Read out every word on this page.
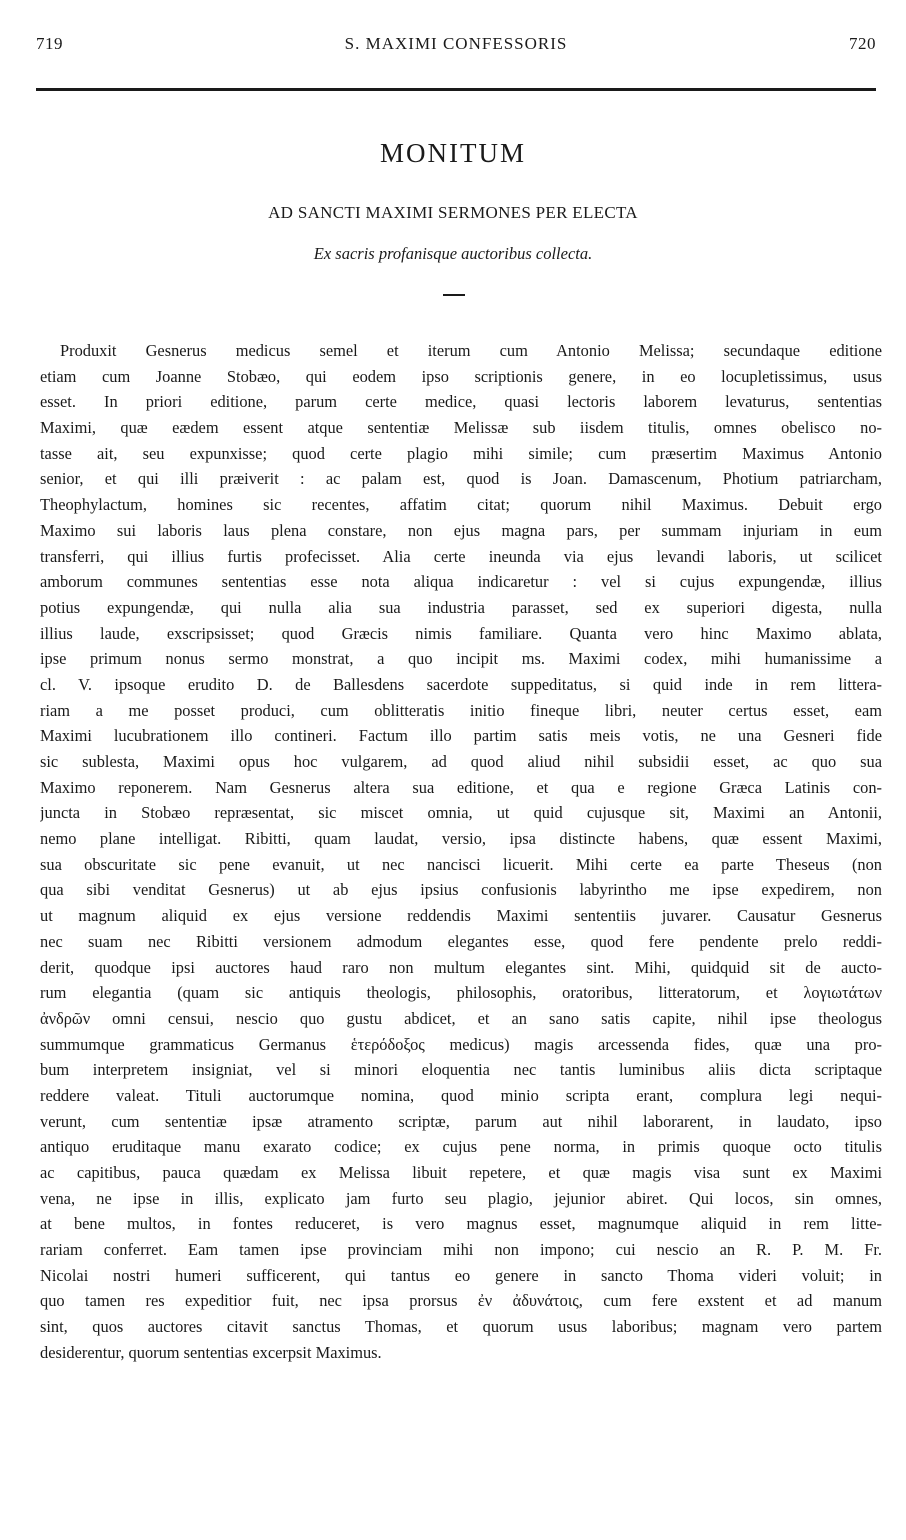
719	S. MAXIMI CONFESSORIS	720
MONITUM
AD SANCTI MAXIMI SERMONES PER ELECTA
Ex sacris profanisque auctoribus collecta.
Produxit Gesnerus medicus semel et iterum cum Antonio Melissa; secundaque editione
etiam cum Joanne Stobæo, qui eodem ipso scriptionis genere, in eo locupletissimus, usus
esset. In priori editione, parum certe medice, quasi lectoris laborem levaturus, sententias
Maximi, quæ eædem essent atque sententiæ Melissæ sub iisdem titulis, omnes obelisco no-
tasse ait, seu expunxisse; quod certe plagio mihi simile; cum præsertim Maximus Antonio
senior, et qui illi præiverit : ac palam est, quod is Joan. Damascenum, Photium patriarcham,
Theophylactum, homines sic recentes, affatim citat; quorum nihil Maximus. Debuit ergo
Maximo sui laboris laus plena constare, non ejus magna pars, per summam injuriam in eum
transferri, qui illius furtis profecisset. Alia certe ineunda via ejus levandi laboris, ut scilicet
amborum communes sententias esse nota aliqua indicaretur : vel si cujus expungendæ, illius
potius expungendæ, qui nulla alia sua industria parasset, sed ex superiori digesta, nulla
illius laude, exscripsisset; quod Græcis nimis familiare. Quanta vero hinc Maximo ablata,
ipse primum nonus sermo monstrat, a quo incipit ms. Maximi codex, mihi humanissime a
cl. V. ipsoque erudito D. de Ballesdens sacerdote suppeditatus, si quid inde in rem littera-
riam a me posset produci, cum oblitteratis initio fineque libri, neuter certus esset, eam
Maximi lucubrationem illo contineri. Factum illo partim satis meis votis, ne una Gesneri fide
sic sublesta, Maximi opus hoc vulgarem, ad quod aliud nihil subsidii esset, ac quo sua
Maximo reponerem. Nam Gesnerus altera sua editione, et qua e regione Græca Latinis con-
juncta in Stobæo repræsentat, sic miscet omnia, ut quid cujusque sit, Maximi an Antonii,
nemo plane intelligat. Ribitti, quam laudat, versio, ipsa distincte habens, quæ essent Maximi,
sua obscuritate sic pene evanuit, ut nec nancisci licuerit. Mihi certe ea parte Theseus (non
qua sibi venditat Gesnerus) ut ab ejus ipsius confusionis labyrintho me ipse expedirem, non
ut magnum aliquid ex ejus versione reddendis Maximi sententiis juvarer. Causatur Gesnerus
nec suam nec Ribitti versionem admodum elegantes esse, quod fere pendente prelo reddi-
derit, quodque ipsi auctores haud raro non multum elegantes sint. Mihi, quidquid sit de aucto-
rum elegantia (quam sic antiquis theologis, philosophis, oratoribus, litteratorum, et λογιωτάτων
ἀνδρῶν omni censui, nescio quo gustu abdicet, et an sano satis capite, nihil ipse theologus
summumque grammaticus Germanus ἑτερόδοξος medicus) magis arcessenda fides, quæ una pro-
bum interpretem insigniat, vel si minori eloquentia nec tantis luminibus aliis dicta scriptaque
reddere valeat. Tituli auctorumque nomina, quod minio scripta erant, complura legi nequi-
verunt, cum sententiæ ipsæ atramento scriptæ, parum aut nihil laborarent, in laudato, ipso
antiquo eruditaque manu exarato codice; ex cujus pene norma, in primis quoque octo titulis
ac capitibus, pauca quædam ex Melissa libuit repetere, et quæ magis visa sunt ex Maximi
vena, ne ipse in illis, explicato jam furto seu plagio, jejunior abiret. Qui locos, sin omnes,
at bene multos, in fontes reduceret, is vero magnus esset, magnumque aliquid in rem litte-
rariam conferret. Eam tamen ipse provinciam mihi non impono; cui nescio an R. P. M. Fr.
Nicolai nostri humeri sufficerent, qui tantus eo genere in sancto Thoma videri voluit; in
quo tamen res expeditior fuit, nec ipsa prorsus ἐν ἀδυνάτοις, cum fere exstent et ad manum
sint, quos auctores citavit sanctus Thomas, et quorum usus laboribus; magnam vero partem
desiderentur, quorum sententias excerpsit Maximus.
